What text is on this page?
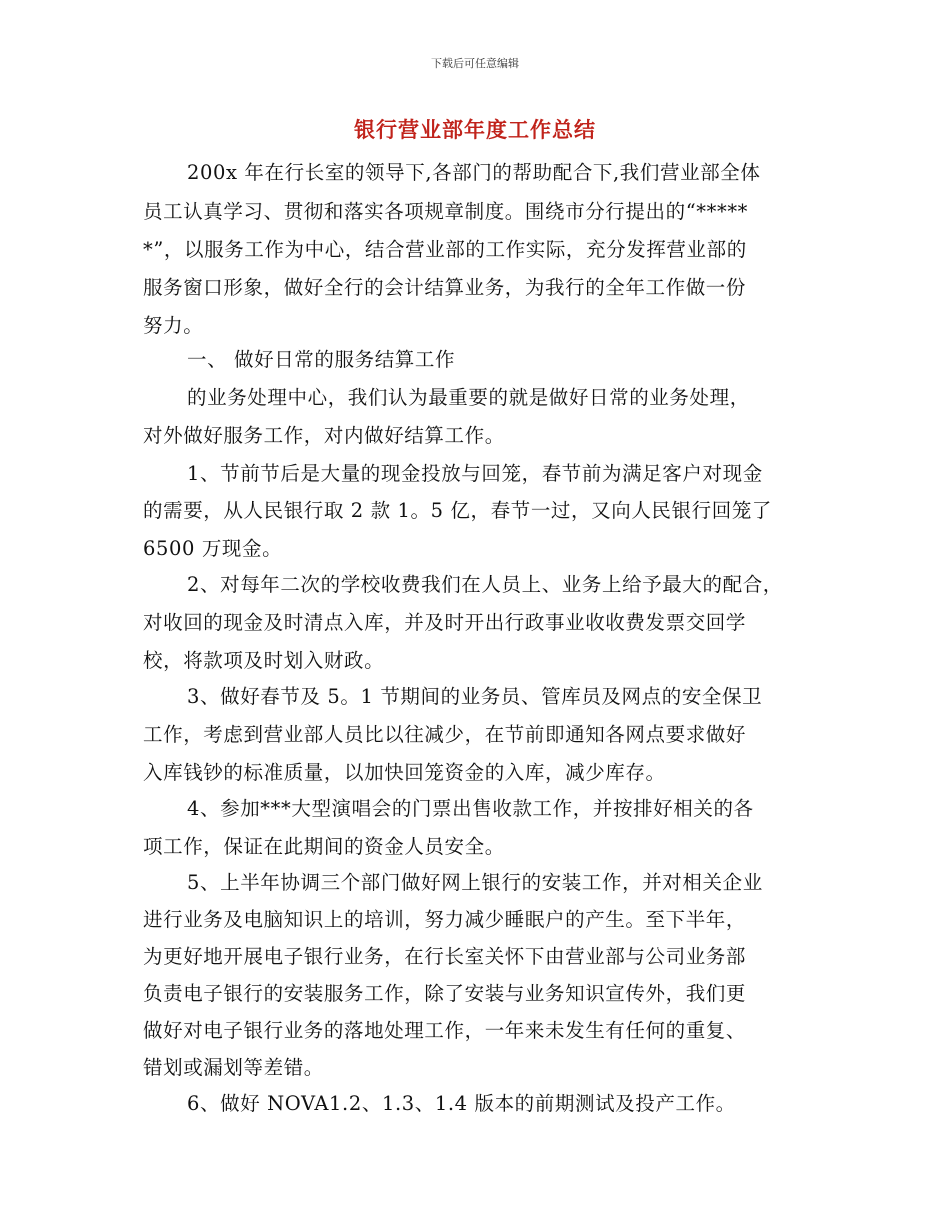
下载后可任意编辑
银行营业部年度工作总结
200x 年在行长室的领导下,各部门的帮助配合下,我们营业部全体
员工认真学习、贯彻和落实各项规章制度。围绕市分行提出的“*****
*”，以服务工作为中心，结合营业部的工作实际，充分发挥营业部的
服务窗口形象，做好全行的会计结算业务，为我行的全年工作做一份
努力。
一、 做好日常的服务结算工作
的业务处理中心，我们认为最重要的就是做好日常的业务处理，
对外做好服务工作，对内做好结算工作。
1、节前节后是大量的现金投放与回笼，春节前为满足客户对现金
的需要，从人民银行取 2 款 1。5 亿，春节一过，又向人民银行回笼了
6500 万现金。
2、对每年二次的学校收费我们在人员上、业务上给予最大的配合，
对收回的现金及时清点入库，并及时开出行政事业收收费发票交回学
校，将款项及时划入财政。
3、做好春节及 5。1 节期间的业务员、管库员及网点的安全保卫
工作，考虑到营业部人员比以往减少，在节前即通知各网点要求做好
入库钱钞的标准质量，以加快回笼资金的入库，减少库存。
4、参加***大型演唱会的门票出售收款工作，并按排好相关的各
项工作，保证在此期间的资金人员安全。
5、上半年协调三个部门做好网上银行的安装工作，并对相关企业
进行业务及电脑知识上的培训，努力减少睡眠户的产生。至下半年，
为更好地开展电子银行业务，在行长室关怀下由营业部与公司业务部
负责电子银行的安装服务工作，除了安装与业务知识宣传外，我们更
做好对电子银行业务的落地处理工作，一年来未发生有任何的重复、
错划或漏划等差错。
6、做好 NOVA1.2、1.3、1.4 版本的前期测试及投产工作。
